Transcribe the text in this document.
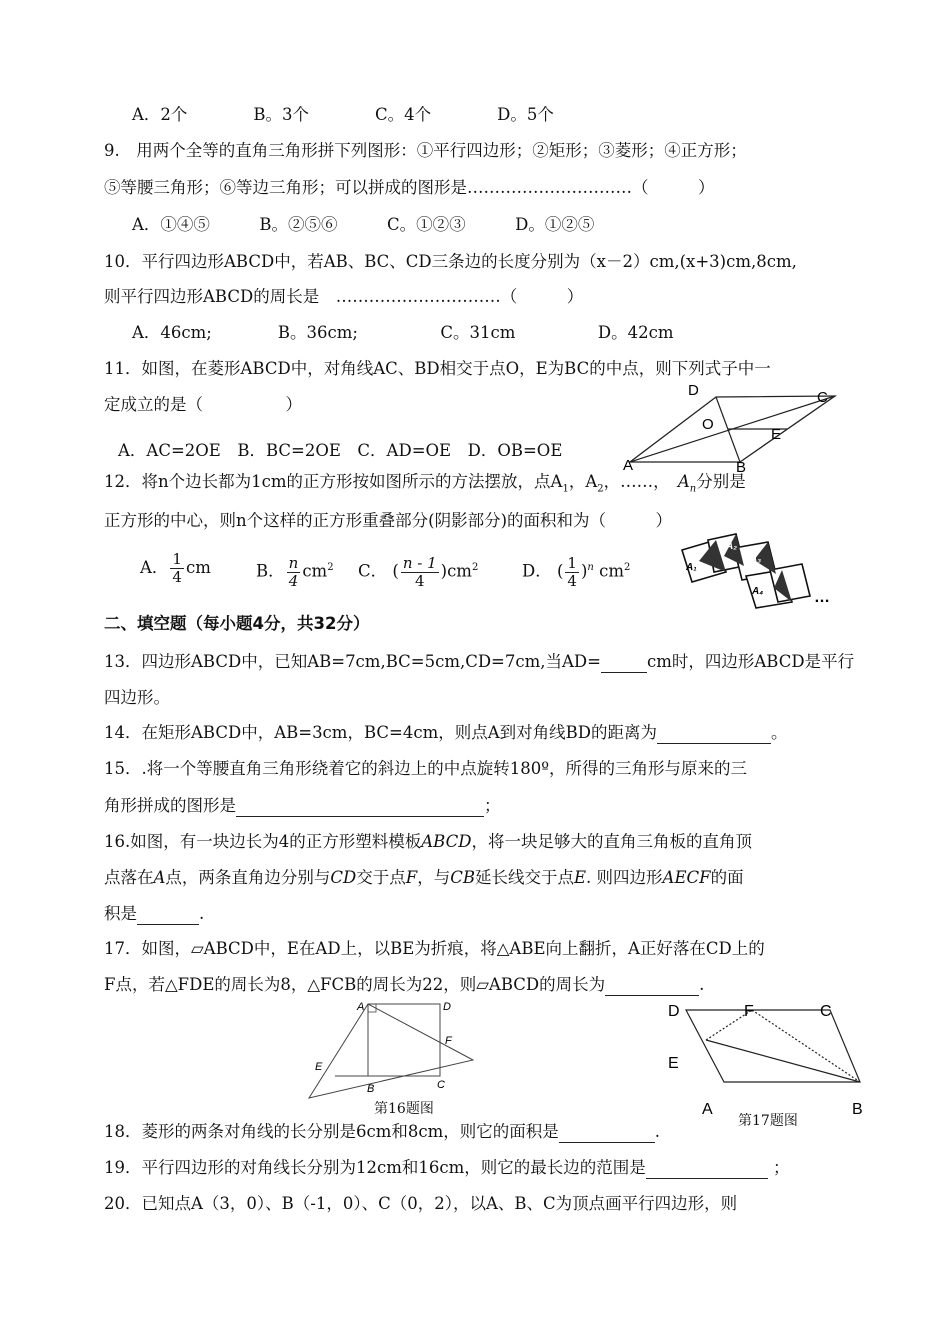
A．2个　　　　B。3个　　　　C。4个　　　　D。5个
9.　用两个全等的直角三角形拼下列图形：①平行四边形；②矩形；③菱形；④正方形；
⑤等腰三角形；⑥等边三角形；可以拼成的图形是…………………………（　　　）
A．①④⑤　　　B。②⑤⑥　　　C。①②③　　　D。①②⑤
10．平行四边形ABCD中，若AB、BC、CD三条边的长度分别为（x－2）cm,(x+3)cm,8cm,
则平行四边形ABCD的周长是　…………………………（　　　）
A．46cm;　　　　B。36cm;　　　　　C。31cm　　　　　D。42cm
11．如图，在菱形ABCD中，对角线AC、BD相交于点O，E为BC的中点，则下列式子中一
定成立的是（　　　　　）
A．AC=2OE　B．BC=2OE　C．AD=OE　D．OB=OE
D	C
O
E
A	B
12．将n个边长都为1cm的正方形按如图所示的方法摆放，点$A_1$，$A_2$，……，　 $A_n$分别是
正方形的中心，则n个这样的正方形重叠部分(阴影部分)的面积和为（　　　）
A． $\frac{1}{4}$ cm	B． $\frac{n}{4} cm^2$ C． ( $\frac{n - 1}{4} )cm^2$	D． ( $\frac{1}{4} )^n$ $cm^2$	A₁
A₂
A₃
A₄	…
二、填空题（每小题4分，共32分）
13．四边形ABCD中，已知AB=7cm,BC=5cm,CD=7cm,当AD=	cm时，四边形ABCD是平行
四边形。
14．在矩形ABCD中，AB=3cm，BC=4cm，则点A到对角线BD的距离为	。
15．.将一个等腰直角三角形绕着它的斜边上的中点旋转180º，所得的三角形与原来的三
角形拼成的图形是	；
16.如图，有一块边长为4的正方形塑料模板ABCD，将一块足够大的直角三角板的直角顶
点落在A点，两条直角边分别与CD交于点F，与CB延长线交于点E. 则四边形AECF的面
积是	.
17．如图，▱ABCD中，E在AD上，以BE为折痕，将△ABE向上翻折，A正好落在CD上的
F点，若△FDE的周长为8，△FCB的周长为22，则▱ABCD的周长为	.
A	D
F
E
B	C
第16题图
D	F	C
E
A	B
第17题图
18．菱形的两条对角线的长分别是6cm和8cm，则它的面积是	.
19．平行四边形的对角线长分别为12cm和16cm，则它的最长边的范围是	；
20．已知点A（3，0）、B（-1，0）、C（0，2），以A、B、C为顶点画平行四边形，则
